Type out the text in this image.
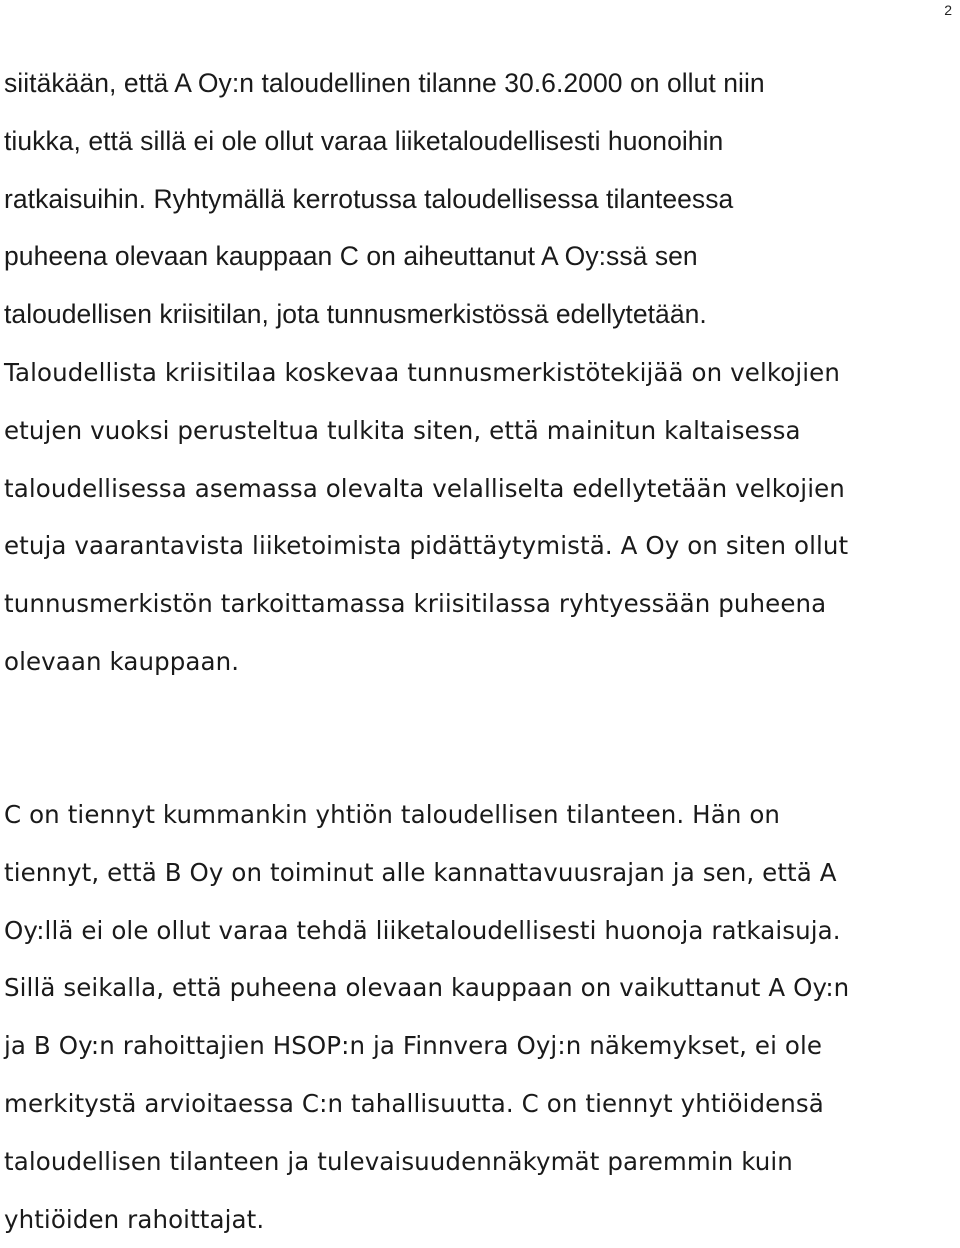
2
siitäkään, että A Oy:n taloudellinen tilanne 30.6.2000 on ollut niin
tiukka, että sillä ei ole ollut varaa liiketaloudellisesti huonoihin
ratkaisuihin. Ryhtymällä kerrotussa taloudellisessa tilanteessa
puheena olevaan kauppaan C on aiheuttanut A Oy:ssä sen
taloudellisen kriisitilan, jota tunnusmerkistössä edellytetään.
Taloudellista kriisitilaa koskevaa tunnusmerkistötekijää on velkojien
etujen vuoksi perusteltua tulkita siten, että mainitun kaltaisessa
taloudellisessa asemassa olevalta velalliselta edellytetään velkojien
etuja vaarantavista liiketoimista pidättäytymistä. A Oy on siten ollut
tunnusmerkistön tarkoittamassa kriisitilassa ryhtyessään puheena
olevaan kauppaan.
C on tiennyt kummankin yhtiön taloudellisen tilanteen. Hän on
tiennyt, että B Oy on toiminut alle kannattavuusrajan ja sen, että A
Oy:llä ei ole ollut varaa tehdä liiketaloudellisesti huonoja ratkaisuja.
Sillä seikalla, että puheena olevaan kauppaan on vaikuttanut A Oy:n
ja B Oy:n rahoittajien HSOP:n ja Finnvera Oyj:n näkemykset, ei ole
merkitystä arvioitaessa C:n tahallisuutta. C on tiennyt yhtiöidensä
taloudellisen tilanteen ja tulevaisuudennäkymät paremmin kuin
yhtiöiden rahoittajat.
